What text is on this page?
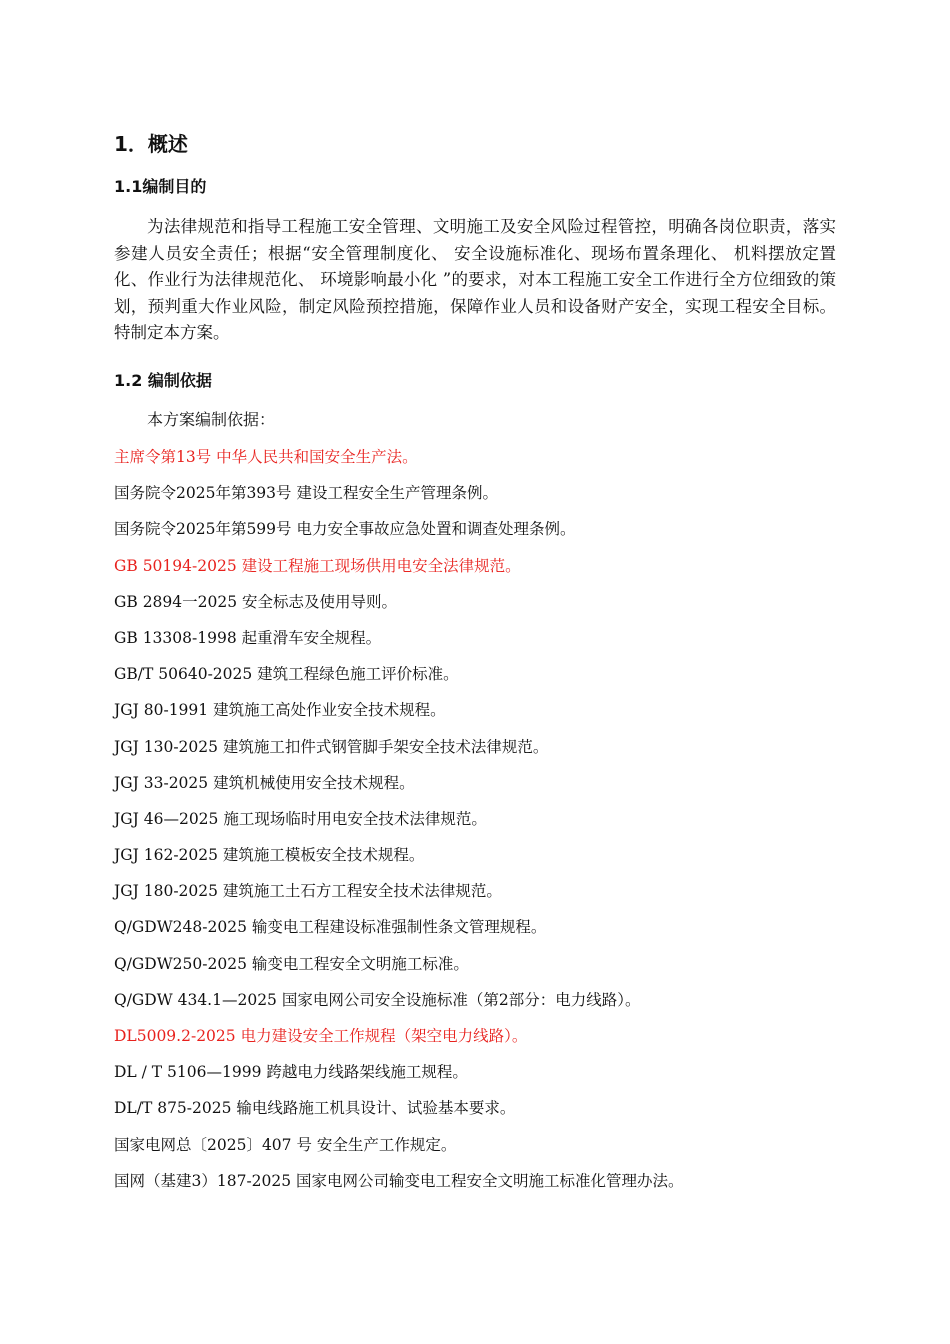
1．概述
1.1编制目的
为法律规范和指导工程施工安全管理、文明施工及安全风险过程管控，明确各岗位职责，落实参建人员安全责任；根据“安全管理制度化、 安全设施标准化、现场布置条理化、 机料摆放定置化、作业行为法律规范化、 环境影响最小化 ”的要求，对本工程施工安全工作进行全方位细致的策划，预判重大作业风险，制定风险预控措施，保障作业人员和设备财产安全，实现工程安全目标。特制定本方案。
1.2 编制依据
本方案编制依据：
主席令第13号 中华人民共和国安全生产法。
国务院令2025年第393号 建设工程安全生产管理条例。
国务院令2025年第599号 电力安全事故应急处置和调查处理条例。
GB 50194-2025 建设工程施工现场供用电安全法律规范。
GB 2894一2025 安全标志及使用导则。
GB 13308-1998 起重滑车安全规程。
GB/T 50640-2025 建筑工程绿色施工评价标准。
JGJ 80-1991 建筑施工高处作业安全技术规程。
JGJ 130-2025 建筑施工扣件式钢管脚手架安全技术法律规范。
JGJ 33-2025 建筑机械使用安全技术规程。
JGJ 46—2025 施工现场临时用电安全技术法律规范。
JGJ 162-2025 建筑施工模板安全技术规程。
JGJ 180-2025 建筑施工土石方工程安全技术法律规范。
Q/GDW248-2025 输变电工程建设标准强制性条文管理规程。
Q/GDW250-2025 输变电工程安全文明施工标准。
Q/GDW 434.1—2025 国家电网公司安全设施标准（第2部分：电力线路）。
DL5009.2-2025 电力建设安全工作规程（架空电力线路）。
DL / T 5106—1999 跨越电力线路架线施工规程。
DL/T 875-2025 输电线路施工机具设计、试验基本要求。
国家电网总〔2025〕407 号 安全生产工作规定。
国网（基建3）187-2025 国家电网公司输变电工程安全文明施工标准化管理办法。
